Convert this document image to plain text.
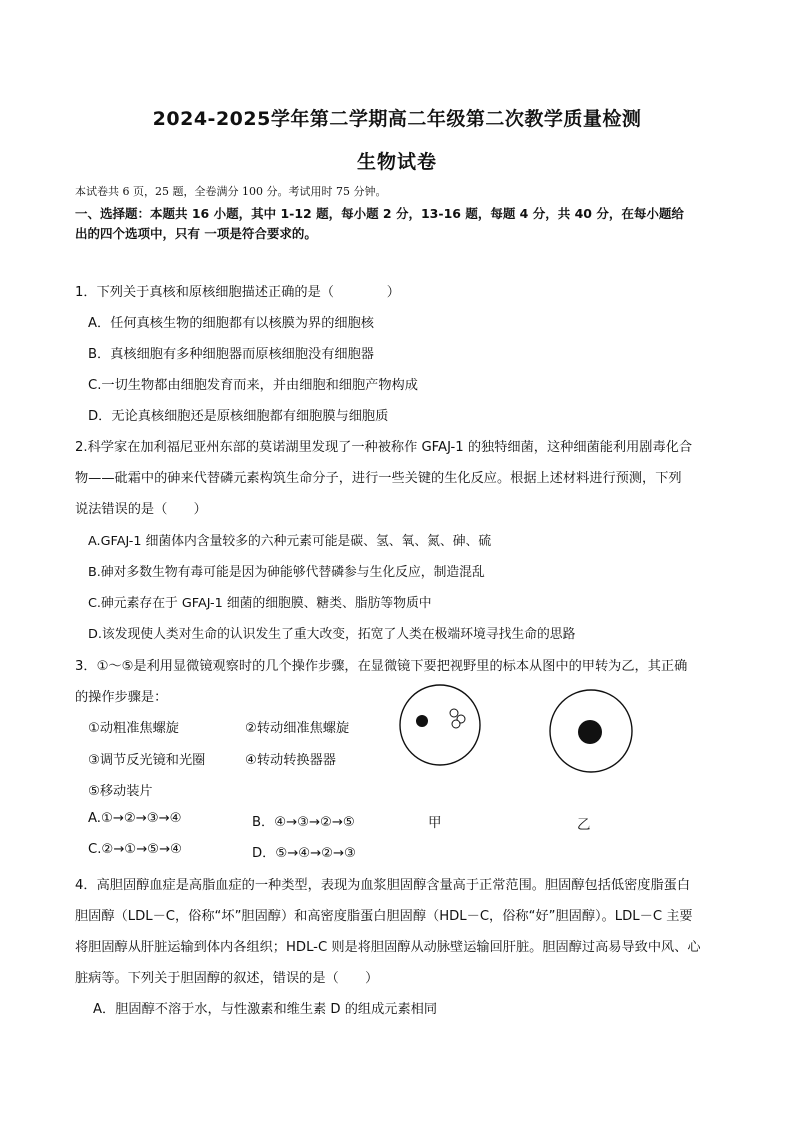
2024-2025学年第二学期高二年级第二次教学质量检测
生物试卷
本试卷共 6 页，25 题，全卷满分 100 分。考试用时 75 分钟。
一、选择题：本题共 16 小题，其中 1-12 题，每小题 2 分，13-16 题，每题 4 分，共 40 分，在每小题给
出的四个选项中，只有 一项是符合要求的。
1．下列关于真核和原核细胞描述正确的是（　　　　）
A．任何真核生物的细胞都有以核膜为界的细胞核
B．真核细胞有多种细胞器而原核细胞没有细胞器
C.一切生物都由细胞发育而来，并由细胞和细胞产物构成
D．无论真核细胞还是原核细胞都有细胞膜与细胞质
2.科学家在加利福尼亚州东部的莫诺湖里发现了一种被称作 GFAJ-1 的独特细菌，这种细菌能利用剧毒化合
物——砒霜中的砷来代替磷元素构筑生命分子，进行一些关键的生化反应。根据上述材料进行预测，下列
说法错误的是（　　）
A.GFAJ-1 细菌体内含量较多的六种元素可能是碳、氢、氧、氮、砷、硫
B.砷对多数生物有毒可能是因为砷能够代替磷参与生化反应，制造混乱
C.砷元素存在于 GFAJ-1 细菌的细胞膜、糖类、脂肪等物质中
D.该发现使人类对生命的认识发生了重大改变，拓宽了人类在极端环境寻找生命的思路
3．①～⑤是利用显微镜观察时的几个操作步骤，在显微镜下要把视野里的标本从图中的甲转为乙，其正确
的操作步骤是：
①动粗准焦螺旋	②转动细准焦螺旋
③调节反光镜和光圈	④转动转换器器
⑤移动装片
A.①→②→③→④	B．④→③→②→⑤
C.②→①→⑤→④	D．⑤→④→②→③
甲	乙
4．高胆固醇血症是高脂血症的一种类型，表现为血浆胆固醇含量高于正常范围。胆固醇包括低密度脂蛋白
胆固醇（LDL－C，俗称“坏”胆固醇）和高密度脂蛋白胆固醇（HDL－C，俗称“好”胆固醇）。LDL－C 主要
将胆固醇从肝脏运输到体内各组织；HDL-C 则是将胆固醇从动脉壁运输回肝脏。胆固醇过高易导致中风、心
脏病等。下列关于胆固醇的叙述，错误的是（　　）
A．胆固醇不溶于水，与性激素和维生素 D 的组成元素相同
